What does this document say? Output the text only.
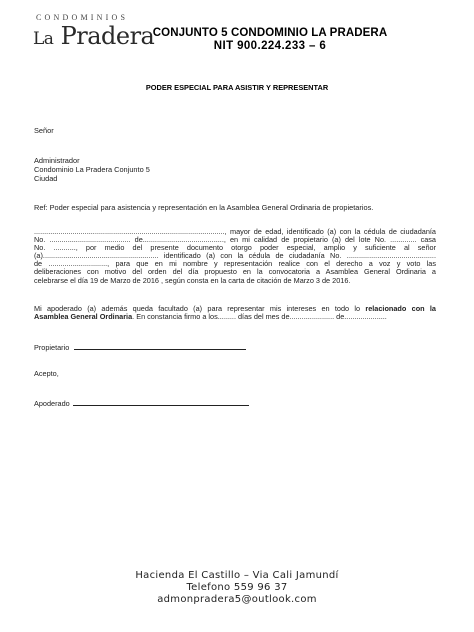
CONDOMINIOS
La Pradera
CONJUNTO 5 CONDOMINIO LA PRADERA
NIT 900.224.233 – 6
PODER ESPECIAL PARA ASISTIR Y REPRESENTAR
Señor
Administrador
Condominio La Pradera Conjunto 5
Ciudad
Ref: Poder especial para asistencia y representación en la Asamblea General Ordinaria de propietarios.
.............................................................................................., mayor de edad, identificado (a) con la cédula de ciudadanía
No. ........................................ de........................................, en mi calidad de propietario (a) del lote No. ............. casa
No. ..........., por medio del presente documento otorgo poder especial, amplio y suficiente al señor
(a)......................................................... identificado (a) con la cédula de ciudadanía No. ............................................
de ............................., para que en mi nombre y representación realice con el derecho a voz y voto las
deliberaciones con motivo del orden del día propuesto en la convocatoria a Asamblea General Ordinaria a
celebrarse el día 19 de Marzo de 2016 , según consta en la carta de citación de Marzo 3 de 2016.
Mi apoderado (a) además queda facultado (a) para representar mis intereses en todo lo relacionado con la
Asamblea General Ordinaria. En constancia firmo a los......... días del mes de...................... de.....................
Propietario
Acepto,
Apoderado
Hacienda El Castillo – Via Cali Jamundí
Telefono 559 96 37
admonpradera5@outlook.com
